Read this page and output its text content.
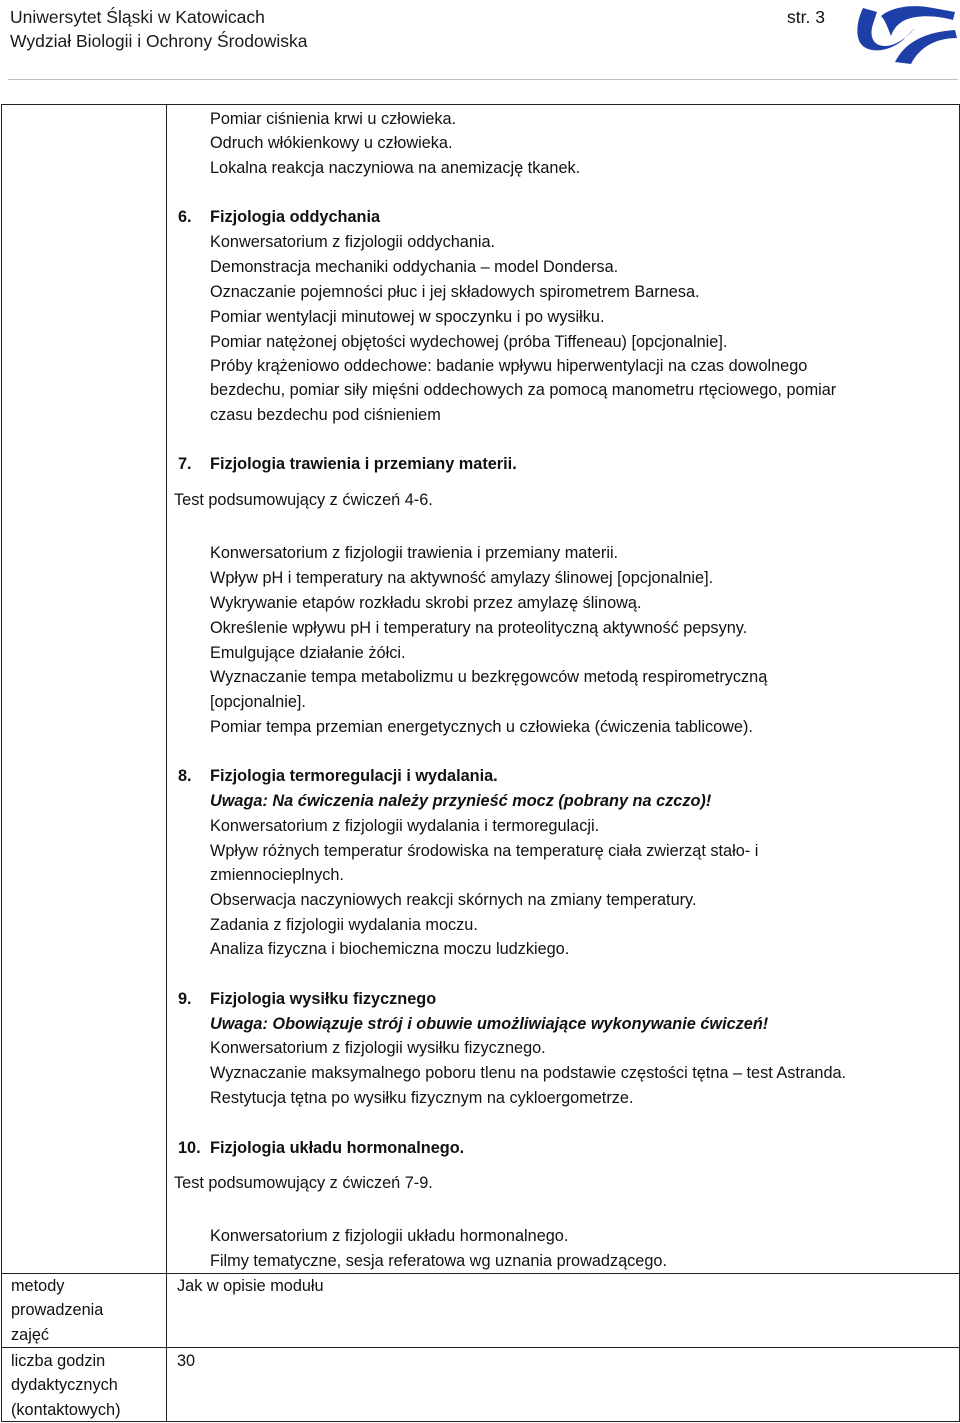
Uniwersytet Śląski w Katowicach
Wydział Biologii i Ochrony Środowiska
str. 3
Pomiar ciśnienia krwi u człowieka.
Odruch włókienkowy u człowieka.
Lokalna reakcja naczyniowa na anemizację tkanek.
6. Fizjologia oddychania
Konwersatorium z fizjologii oddychania.
Demonstracja mechaniki oddychania – model Dondersa.
Oznaczanie pojemności płuc i jej składowych spirometrem Barnesa.
Pomiar wentylacji minutowej w spoczynku i po wysiłku.
Pomiar natężonej objętości wydechowej (próba Tiffeneau) [opcjonalnie].
Próby krążeniowo oddechowe: badanie wpływu hiperwentylacji na czas dowolnego
bezdechu, pomiar siły mięśni oddechowych za pomocą manometru rtęciowego, pomiar
czasu bezdechu pod ciśnieniem
7. Fizjologia trawienia i przemiany materii.
Test podsumowujący z ćwiczeń 4-6.
Konwersatorium z fizjologii trawienia i przemiany materii.
Wpływ pH i temperatury na aktywność amylazy ślinowej [opcjonalnie].
Wykrywanie etapów rozkładu skrobi przez amylazę ślinową.
Określenie wpływu pH i temperatury na proteolityczną aktywność pepsyny.
Emulgujące działanie żółci.
Wyznaczanie tempa metabolizmu u bezkręgowców metodą respirometryczną
[opcjonalnie].
Pomiar tempa przemian energetycznych u człowieka (ćwiczenia tablicowe).
8. Fizjologia termoregulacji i wydalania.
Uwaga: Na ćwiczenia należy przynieść mocz (pobrany na czczo)!
Konwersatorium z fizjologii wydalania i termoregulacji.
Wpływ różnych temperatur środowiska na temperaturę ciała zwierząt stało- i
zmiennocieplnych.
Obserwacja naczyniowych reakcji skórnych na zmiany temperatury.
Zadania z fizjologii wydalania moczu.
Analiza fizyczna i biochemiczna moczu ludzkiego.
9. Fizjologia wysiłku fizycznego
Uwaga: Obowiązuje strój i obuwie umożliwiające wykonywanie ćwiczeń!
Konwersatorium z fizjologii wysiłku fizycznego.
Wyznaczanie maksymalnego poboru tlenu na podstawie częstości tętna – test Astranda.
Restytucja tętna po wysiłku fizycznym na cykloergometrze.
10. Fizjologia układu hormonalnego.
Test podsumowujący z ćwiczeń 7-9.
Konwersatorium z fizjologii układu hormonalnego.
Filmy tematyczne, sesja referatowa wg uznania prowadzącego.
metody
prowadzenia
zajęć
Jak w opisie modułu
liczba godzin
dydaktycznych
(kontaktowych)
30
